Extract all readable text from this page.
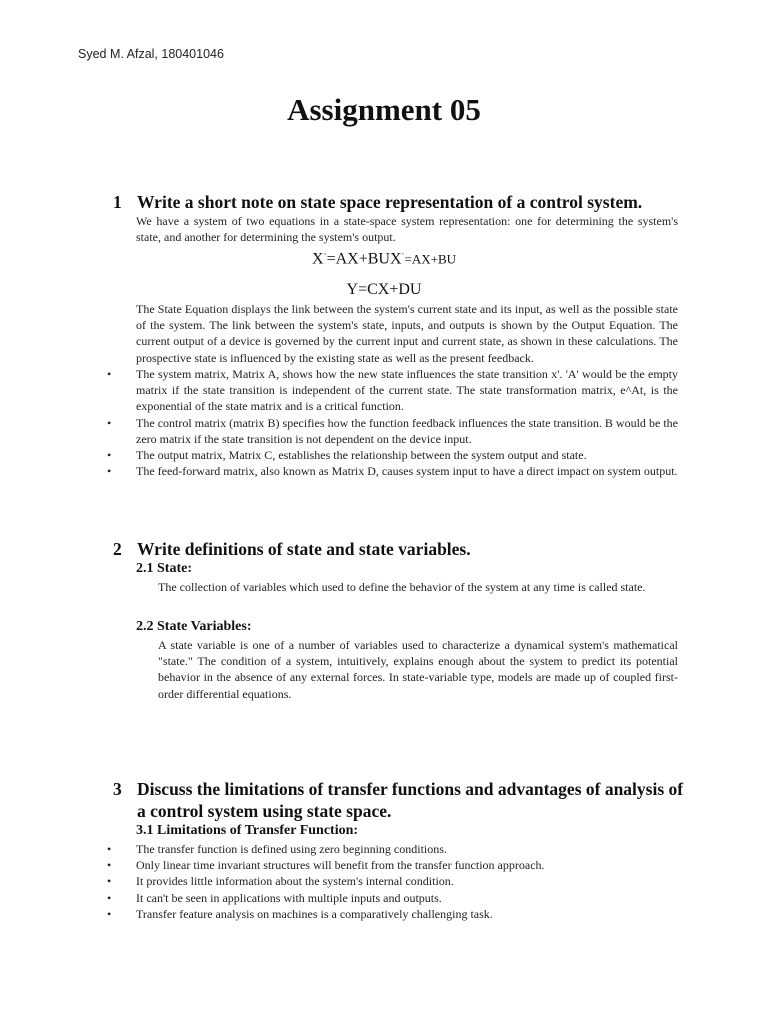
Syed M. Afzal, 180401046
Assignment 05
1 Write a short note on state space representation of a control system.
We have a system of two equations in a state-space system representation: one for determining the system's state, and another for determining the system's output.
X·=AX+BUX·=AX+BU
Y=CX+DU
The State Equation displays the link between the system's current state and its input, as well as the possible state of the system. The link between the system's state, inputs, and outputs is shown by the Output Equation. The current output of a device is governed by the current input and current state, as shown in these calculations. The prospective state is influenced by the existing state as well as the present feedback.
• The system matrix, Matrix A, shows how the new state influences the state transition x'. 'A' would be the empty matrix if the state transition is independent of the current state. The state transformation matrix, e^At, is the exponential of the state matrix and is a critical function.
• The control matrix (matrix B) specifies how the function feedback influences the state transition. B would be the zero matrix if the state transition is not dependent on the device input.
• The output matrix, Matrix C, establishes the relationship between the system output and state.
• The feed-forward matrix, also known as Matrix D, causes system input to have a direct impact on system output.
2 Write definitions of state and state variables.
2.1 State:
The collection of variables which used to define the behavior of the system at any time is called state.
2.2 State Variables:
A state variable is one of a number of variables used to characterize a dynamical system's mathematical "state." The condition of a system, intuitively, explains enough about the system to predict its potential behavior in the absence of any external forces. In state-variable type, models are made up of coupled first-order differential equations.
3 Discuss the limitations of transfer functions and advantages of analysis of
a control system using state space.
3.1 Limitations of Transfer Function:
• The transfer function is defined using zero beginning conditions.
• Only linear time invariant structures will benefit from the transfer function approach.
• It provides little information about the system's internal condition.
• It can't be seen in applications with multiple inputs and outputs.
• Transfer feature analysis on machines is a comparatively challenging task.
